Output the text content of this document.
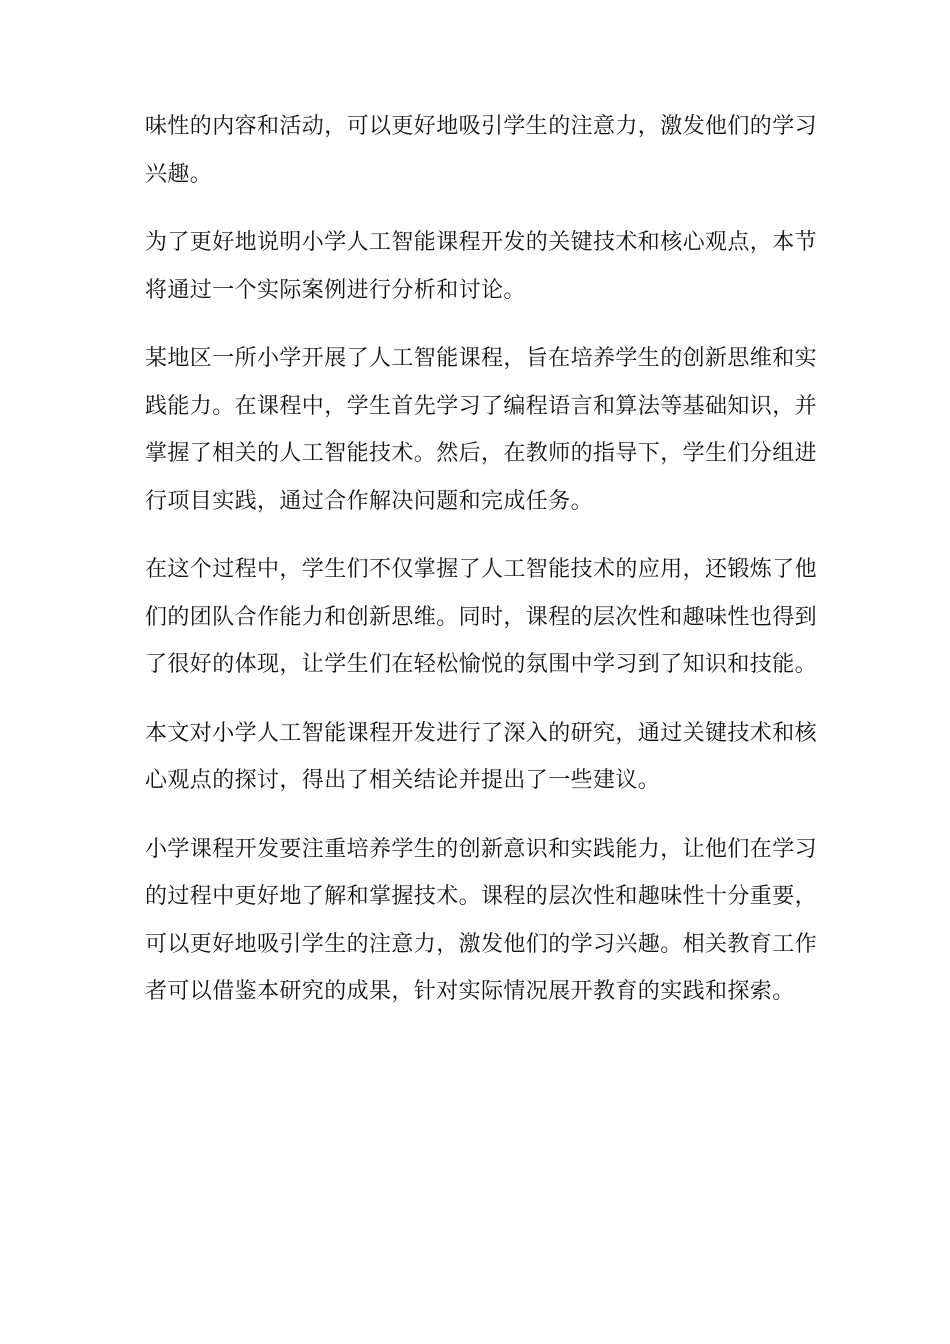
味性的内容和活动，可以更好地吸引学生的注意力，激发他们的学习
兴趣。

为了更好地说明小学人工智能课程开发的关键技术和核心观点，本节
将通过一个实际案例进行分析和讨论。

某地区一所小学开展了人工智能课程，旨在培养学生的创新思维和实
践能力。在课程中，学生首先学习了编程语言和算法等基础知识，并
掌握了相关的人工智能技术。然后，在教师的指导下，学生们分组进
行项目实践，通过合作解决问题和完成任务。

在这个过程中，学生们不仅掌握了人工智能技术的应用，还锻炼了他
们的团队合作能力和创新思维。同时，课程的层次性和趣味性也得到
了很好的体现，让学生们在轻松愉悦的氛围中学习到了知识和技能。

本文对小学人工智能课程开发进行了深入的研究，通过关键技术和核
心观点的探讨，得出了相关结论并提出了一些建议。

小学课程开发要注重培养学生的创新意识和实践能力，让他们在学习
的过程中更好地了解和掌握技术。课程的层次性和趣味性十分重要，
可以更好地吸引学生的注意力，激发他们的学习兴趣。相关教育工作
者可以借鉴本研究的成果，针对实际情况展开教育的实践和探索。
